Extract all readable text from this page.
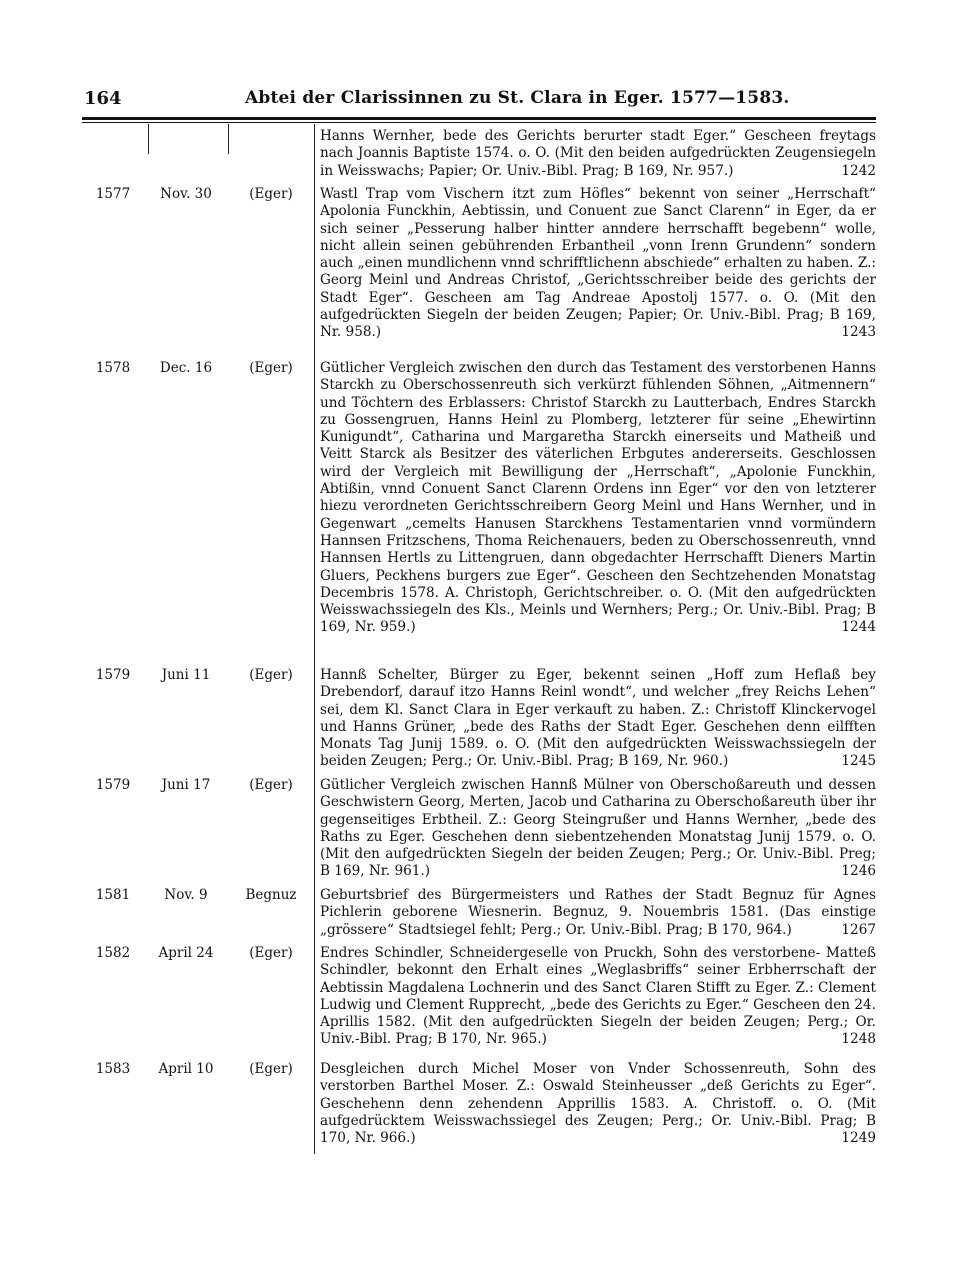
164	Abtei der Clarissinnen zu St. Clara in Eger. 1577—1583.
Hanns Wernher, bede des Gerichts berurter stadt Eger.“ Gescheen freytags nach Joannis Baptiste 1574. o. O. (Mit den beiden aufgedrückten Zeugensiegeln in Weisswachs; Papier; Or. Univ.-Bibl. Prag; B 169, Nr. 957.)	1242
1577	Nov. 30	(Eger)	Wastl Trap vom Vischern itzt zum Höfles“ bekennt von seiner „Herrschaft“ Apolonia Funckhin, Aebtissin, und Conuent zue Sanct Clarenn“ in Eger, da er sich seiner „Pesserung halber hintter anndere herrschafft begebenn“ wolle, nicht allein seinen gebührenden Erbantheil „vonn Irenn Grundenn“ sondern auch „einen mundlichenn vnnd schrifftlichenn abschiede“ erhalten zu haben. Z.: Georg Meinl und Andreas Christof, „Gerichtsschreiber beide des gerichts der Stadt Eger“. Gescheen am Tag Andreae Apostolj 1577. o. O. (Mit den aufgedrückten Siegeln der beiden Zeugen; Papier; Or. Univ.-Bibl. Prag; B 169, Nr. 958.)	1243
1578	Dec. 16	(Eger)	Gütlicher Vergleich zwischen den durch das Testament des verstorbenen Hanns Starckh zu Oberschossenreuth sich verkürzt fühlenden Söhnen, „Aitmennern“ und Töchtern des Erblassers: Christof Starckh zu Lautterbach, Endres Starckh zu Gossengruen, Hanns Heinl zu Plomberg, letzterer für seine „Ehewirtinn Kunigundt“, Catharina und Margaretha Starckh einerseits und Matheiß und Veitt Starck als Besitzer des väterlichen Erbgutes andererseits. Geschlossen wird der Vergleich mit Bewilligung der „Herrschaft“, „Apolonie Funckhin, Abtißin, vnnd Conuent Sanct Clarenn Ordens inn Eger“ vor den von letzterer hiezu verordneten Gerichtsschreibern Georg Meinl und Hans Wernher, und in Gegenwart „cemelts Hanusen Starckhens Testamentarien vnnd vormündern Hannsen Fritzschens, Thoma Reichenauers, beden zu Oberschossenreuth, vnnd Hannsen Hertls zu Littengruen, dann obgedachter Herrschafft Dieners Martin Gluers, Peckhens burgers zue Eger“. Gescheen den Sechtzehenden Monatstag Decembris 1578. A. Christoph, Gerichtschreiber. o. O. (Mit den aufgedrückten Weisswachssiegeln des Kls., Meinls und Wernhers; Perg.; Or. Univ.-Bibl. Prag; B 169, Nr. 959.)	1244
1579	Juni 11	(Eger)	Hannß Schelter, Bürger zu Eger, bekennt seinen „Hoff zum Heflaß bey Drebendorf, darauf itzo Hanns Reinl wondt“, und welcher „frey Reichs Lehen“ sei, dem Kl. Sanct Clara in Eger verkauft zu haben. Z.: Christoff Klinckervogel und Hanns Grüner, „bede des Raths der Stadt Eger. Geschehen denn eilfften Monats Tag Junij 1589. o. O. (Mit den aufgedrückten Weisswachssiegeln der beiden Zeugen; Perg.; Or. Univ.-Bibl. Prag; B 169, Nr. 960.)	1245
1579	Juni 17	(Eger)	Gütlicher Vergleich zwischen Hannß Mülner von Oberschoßareuth und dessen Geschwistern Georg, Merten, Jacob und Catharina zu Oberschoßareuth über ihr gegenseitiges Erbtheil. Z.: Georg Steingrußer und Hanns Wernher, „bede des Raths zu Eger. Geschehen denn siebentzehenden Monatstag Junij 1579. o. O. (Mit den aufgedrückten Siegeln der beiden Zeugen; Perg.; Or. Univ.-Bibl. Preg; B 169, Nr. 961.)	1246
1581	Nov. 9	Begnuz	Geburtsbrief des Bürgermeisters und Rathes der Stadt Begnuz für Agnes Pichlerin geborene Wiesnerin. Begnuz, 9. Nouembris 1581. (Das einstige „grössere“ Stadtsiegel fehlt; Perg.; Or. Univ.-Bibl. Prag; B 170, 964.)	1267
1582	April 24	(Eger)	Endres Schindler, Schneidergeselle von Pruckh, Sohn des verstorbene- Matteß Schindler, bekonnt den Erhalt eines „Weglasbriffs“ seiner Erbherrschaft der Aebtissin Magdalena Lochnerin und des Sanct Claren Stifft zu Eger. Z.: Clement Ludwig und Clement Rupprecht, „bede des Gerichts zu Eger.“ Gescheen den 24. Aprillis 1582. (Mit den aufgedrückten Siegeln der beiden Zeugen; Perg.; Or. Univ.-Bibl. Prag; B 170, Nr. 965.)	1248
1583	April 10	(Eger)	Desgleichen durch Michel Moser von Vnder Schossenreuth, Sohn des verstorben Barthel Moser. Z.: Oswald Steinheusser „deß Gerichts zu Eger“. Geschehenn denn zehendenn Apprillis 1583. A. Christoff. o. O. (Mit aufgedrücktem Weisswachssiegel des Zeugen; Perg.; Or. Univ.-Bibl. Prag; B 170, Nr. 966.)	1249
